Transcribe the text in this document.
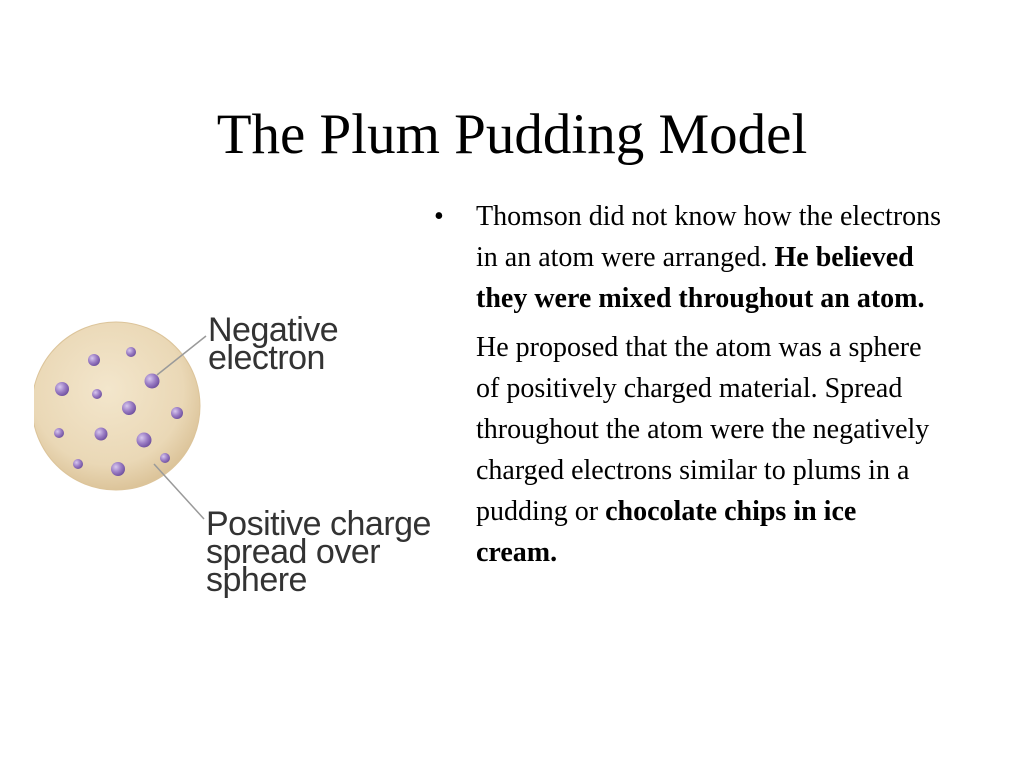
The Plum Pudding Model
Negative
electron
Positive charge
spread over
sphere

• Thomson did not know how the electrons in an atom were arranged. He believed they were mixed throughout an atom.

He proposed that the atom was a sphere of positively charged material. Spread throughout the atom were the negatively charged electrons similar to plums in a pudding or chocolate chips in ice cream.
